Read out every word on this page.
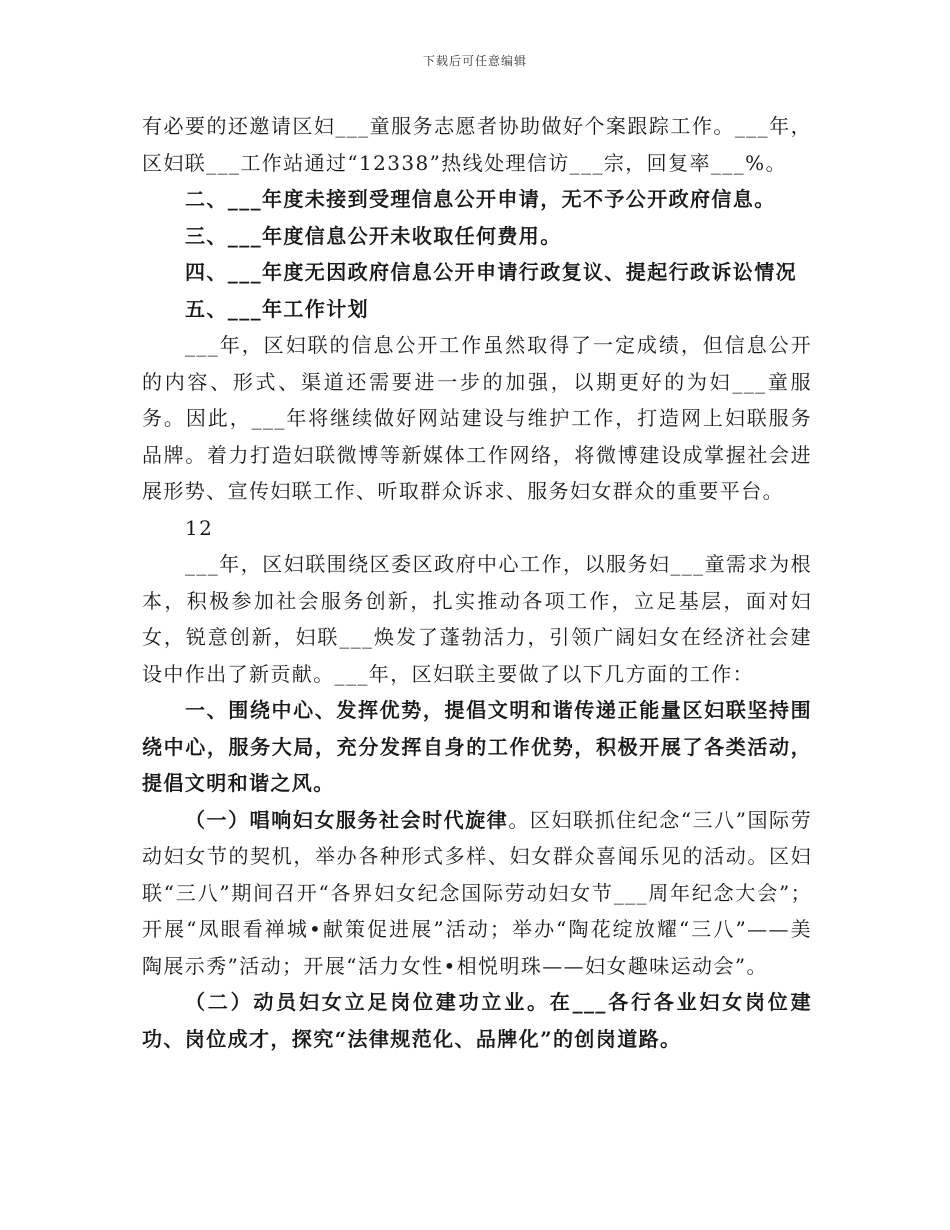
下载后可任意编辑

有必要的还邀请区妇___童服务志愿者协助做好个案跟踪工作。___年，区妇联___工作站通过“12338”热线处理信访___宗，回复率___%。

二、___年度未接到受理信息公开申请，无不予公开政府信息。

三、___年度信息公开未收取任何费用。

四、___年度无因政府信息公开申请行政复议、提起行政诉讼情况

五、___年工作计划

___年，区妇联的信息公开工作虽然取得了一定成绩，但信息公开的内容、形式、渠道还需要进一步的加强，以期更好的为妇___童服务。因此，___年将继续做好网站建设与维护工作，打造网上妇联服务品牌。着力打造妇联微博等新媒体工作网络，将微博建设成掌握社会进展形势、宣传妇联工作、听取群众诉求、服务妇女群众的重要平台。

12

___年，区妇联围绕区委区政府中心工作，以服务妇___童需求为根本，积极参加社会服务创新，扎实推动各项工作，立足基层，面对妇女，锐意创新，妇联___焕发了蓬勃活力，引领广阔妇女在经济社会建设中作出了新贡献。___年，区妇联主要做了以下几方面的工作：

一、围绕中心、发挥优势，提倡文明和谐传递正能量区妇联坚持围绕中心，服务大局，充分发挥自身的工作优势，积极开展了各类活动，提倡文明和谐之风。

（一）唱响妇女服务社会时代旋律。区妇联抓住纪念“三八”国际劳动妇女节的契机，举办各种形式多样、妇女群众喜闻乐见的活动。区妇联“三八”期间召开“各界妇女纪念国际劳动妇女节___周年纪念大会”；开展“凤眼看禅城•献策促进展”活动；举办“陶花绽放耀“三八”——美陶展示秀”活动；开展“活力女性•相悦明珠——妇女趣味运动会”。

（二）动员妇女立足岗位建功立业。在___各行各业妇女岗位建功、岗位成才，探究“法律规范化、品牌化”的创岗道路。
